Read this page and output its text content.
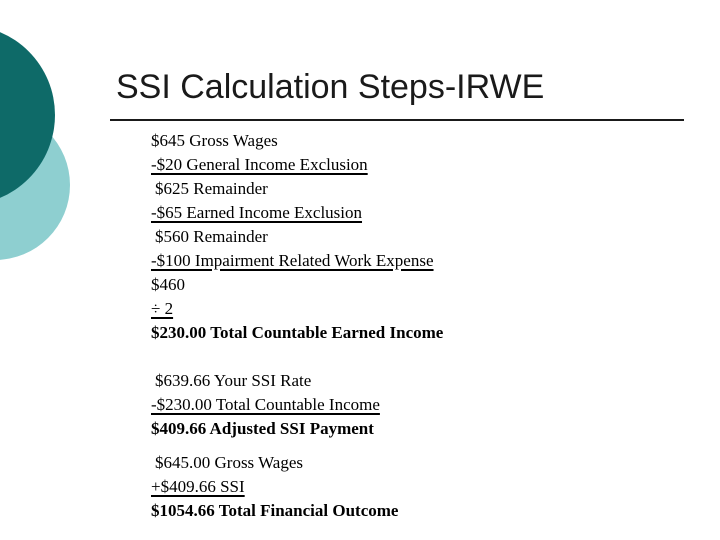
SSI Calculation Steps-IRWE
$645 Gross Wages
-$20 General Income Exclusion
$625 Remainder
-$65 Earned Income Exclusion
$560 Remainder
-$100 Impairment Related Work Expense
$460
÷ 2
$230.00 Total Countable Earned Income
$639.66 Your SSI Rate
-$230.00 Total Countable Income
$409.66 Adjusted SSI Payment
$645.00 Gross Wages
+$409.66 SSI
$1054.66 Total Financial Outcome
